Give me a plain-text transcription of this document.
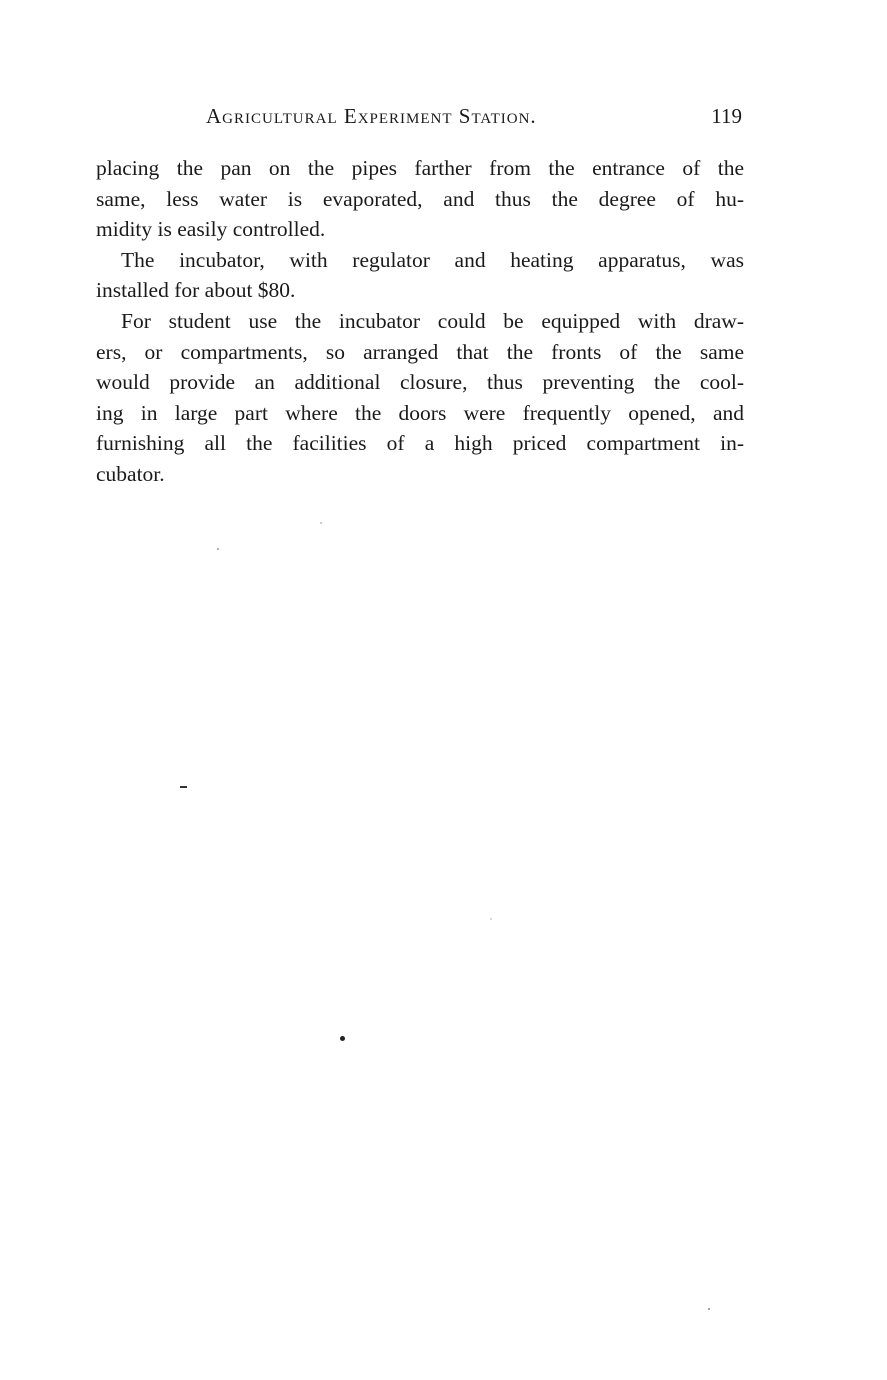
Agricultural Experiment Station.	119

placing the pan on the pipes farther from the entrance of the
same, less water is evaporated, and thus the degree of hu-
midity is easily controlled.

The incubator, with regulator and heating apparatus, was
installed for about $80.

For student use the incubator could be equipped with draw-
ers, or compartments, so arranged that the fronts of the same
would provide an additional closure, thus preventing the cool-
ing in large part where the doors were frequently opened, and
furnishing all the facilities of a high priced compartment in-
cubator.
